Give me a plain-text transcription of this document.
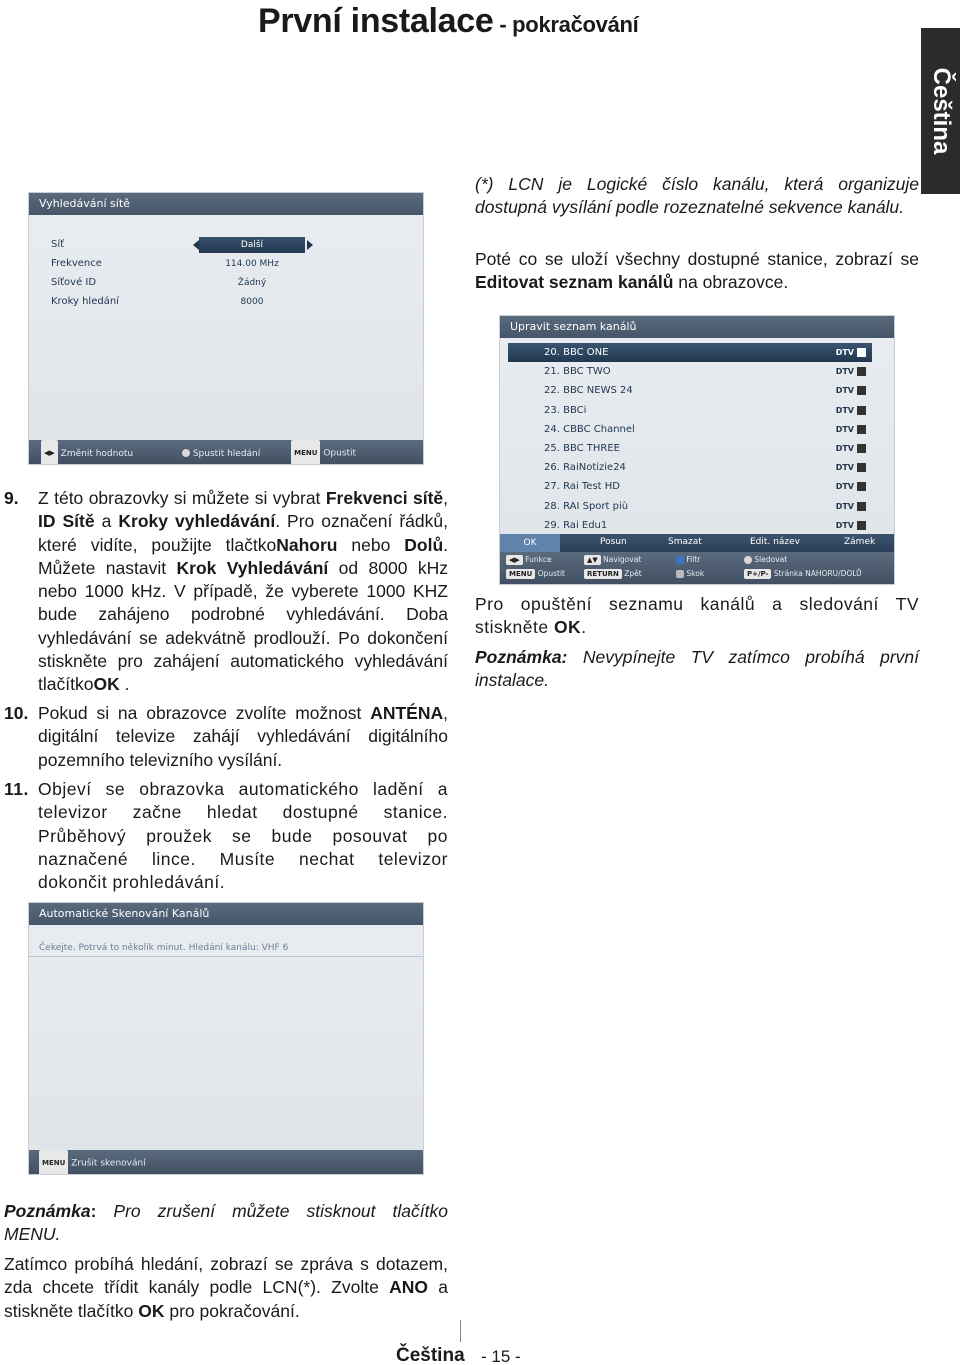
První instalace - pokračování
Čeština
(*) LCN je Logické číslo kanálu, která organizuje dostupná vysílání podle rozeznatelné sekvence kanálu.
Poté co se uloží všechny dostupné stanice, zobrazí se Editovat seznam kanálů na obrazovce.
Vyhledávání sítě
Síť	Další
Frekvence	114.00 MHz
Síťové ID	Žádný
Kroky hledání	8000
◀▶ Změnit hodnotu	Spustit hledání	MENU Opustit
Upravit seznam kanálů
20. BBC ONE	DTV
21. BBC TWO	DTV
22. BBC NEWS 24	DTV
23. BBCi	DTV
24. CBBC Channel	DTV
25. BBC THREE	DTV
26. RaiNotizie24	DTV
27. Rai Test HD	DTV
28. RAI Sport più	DTV
29. Rai Edu1	DTV
OK	Posun	Smazat	Edit. název	Zámek
◀▶ Funkce	▲▼ Navigovat	Filtr	Sledovat
MENU Opustit	RETURN Zpět	Skok	P+/P- Stránka NAHORU/DOLŮ
Pro opuštění seznamu kanálů a sledování TV stiskněte OK.
Poznámka: Nevypínejte TV zatímco probíhá první instalace.
9. Z této obrazovky si můžete si vybrat Frekvenci sítě, ID Sítě a Kroky vyhledávání. Pro označení řádků, které vidíte, použijte tlačtkoNahoru nebo Dolů. Můžete nastavit Krok Vyhledávání od 8000 kHz nebo 1000 kHz. V případě, že vyberete 1000 KHZ bude zahájeno podrobné vyhledávání. Doba vyhledávání se adekvátně prodlouží. Po dokončení stiskněte pro zahájení automatického vyhledávání tlačítkoOK .
10. Pokud si na obrazovce zvolíte možnost ANTÉNA, digitální televize zahájí vyhledávání digitálního pozemního televizního vysílání.
11. Objeví se obrazovka automatického ladění a televizor začne hledat dostupné stanice. Průběhový proužek se bude posouvat po naznačené lince. Musíte nechat televizor dokončit prohledávání.
Automatické Skenování Kanálů
Čekejte. Potrvá to několik minut. Hledání kanálu: VHF 6
MENU Zrušit skenování
Poznámka: Pro zrušení můžete stisknout tlačítko MENU.
Zatímco probíhá hledání, zobrazí se zpráva s dotazem, zda chcete třídit kanály podle LCN(*). Zvolte ANO a stiskněte tlačítko OK pro pokračování.
Čeština - 15 -
